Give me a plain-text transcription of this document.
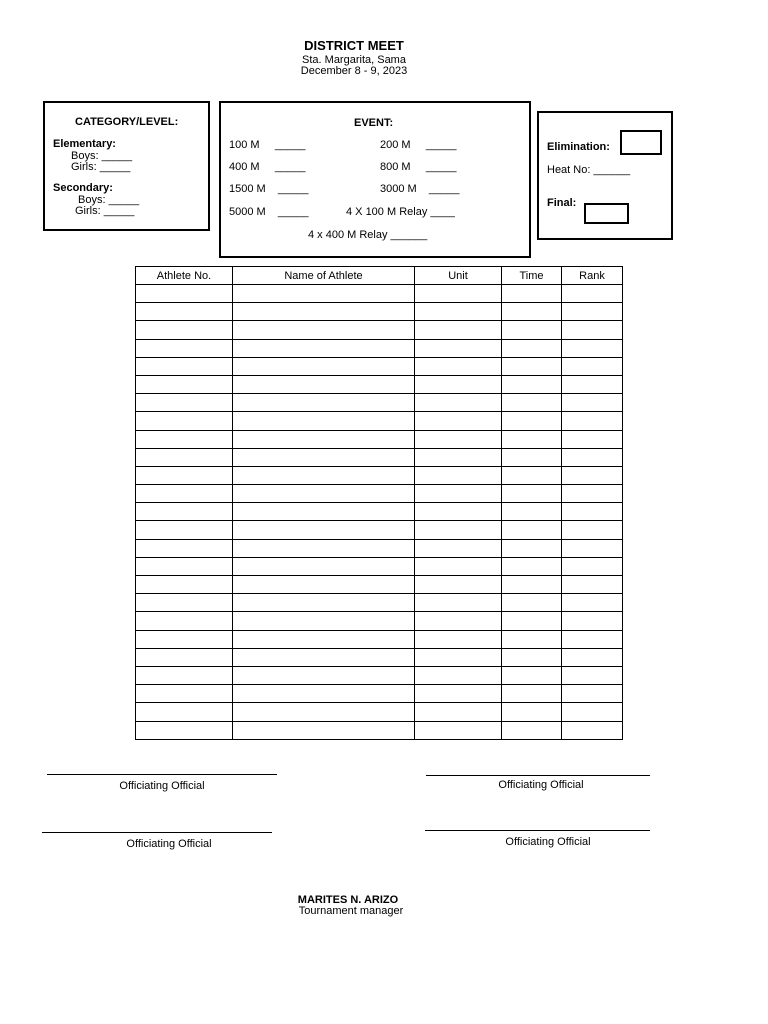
DISTRICT MEET
Sta. Margarita, Sama
December 8 - 9, 2023
CATEGORY/LEVEL:
Elementary:
Boys: _____
Girls: _____
Secondary:
Boys: _____
Girls: _____
EVENT:
100 M     _____	200 M     _____
400 M     _____	800 M     _____
1500 M    _____	3000 M    _____
5000 M    _____	4 X 100 M Relay ____
4 x 400 M Relay ______
Elimination:
Heat No: ______
Final:
Athlete No.	Name of Athlete	Unit	Time	Rank

Officiating Official	Officiating Official
Officiating Official	Officiating Official
MARITES N. ARIZO
Tournament manager
